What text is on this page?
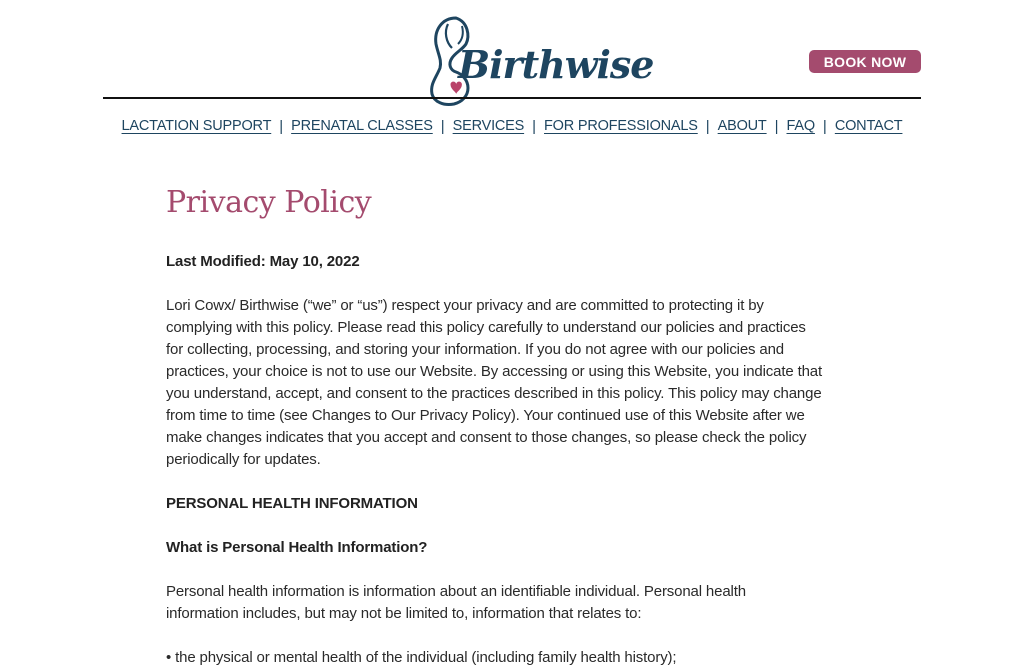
Birthwise	BOOK NOW
LACTATION SUPPORT | PRENATAL CLASSES | SERVICES | FOR PROFESSIONALS | ABOUT | FAQ | CONTACT
Privacy Policy

Last Modified: May 10, 2022

Lori Cowx/ Birthwise (“we” or “us”) respect your privacy and are committed to protecting it by

complying with this policy. Please read this policy carefully to understand our policies and practices

for collecting, processing, and storing your information. If you do not agree with our policies and

practices, your choice is not to use our Website. By accessing or using this Website, you indicate that

you understand, accept, and consent to the practices described in this policy. This policy may change

from time to time (see Changes to Our Privacy Policy). Your continued use of this Website after we

make changes indicates that you accept and consent to those changes, so please check the policy

periodically for updates.

PERSONAL HEALTH INFORMATION

What is Personal Health Information?

Personal health information is information about an identifiable individual. Personal health

information includes, but may not be limited to, information that relates to:

• the physical or mental health of the individual (including family health history);
